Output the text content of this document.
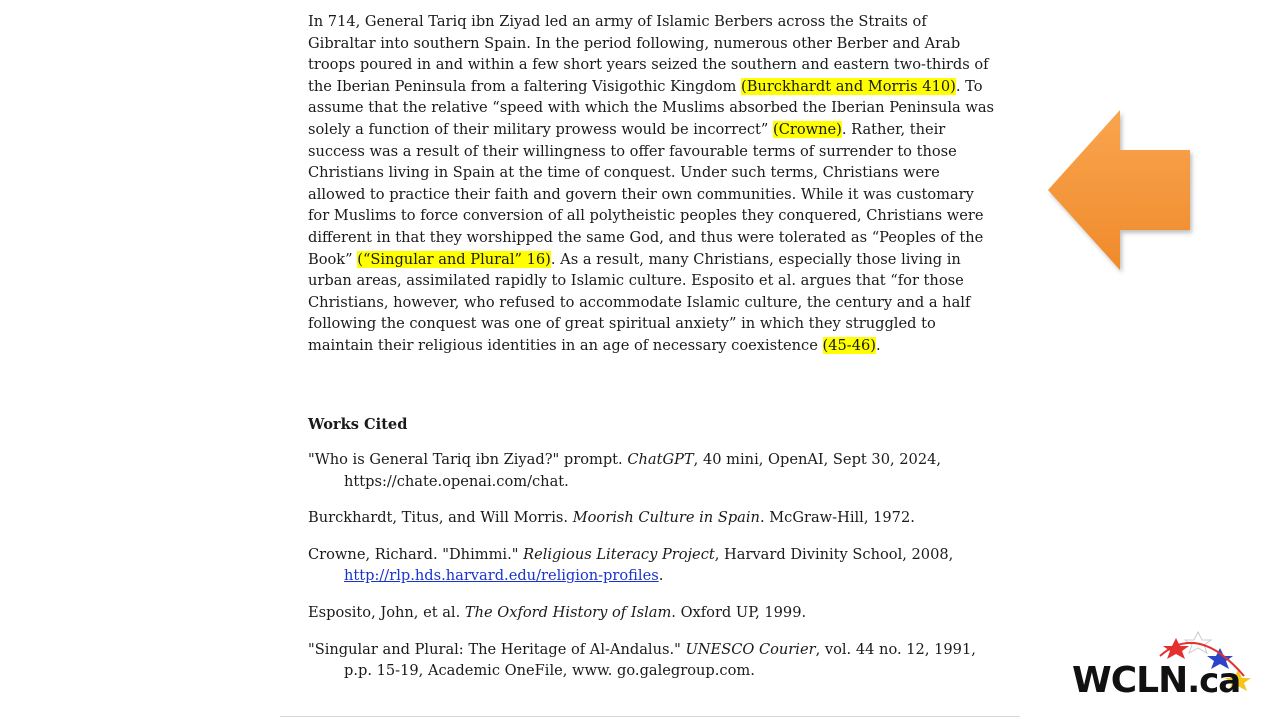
In 714, General Tariq ibn Ziyad led an army of Islamic Berbers across the Straits of Gibraltar into southern Spain. In the period following, numerous other Berber and Arab troops poured in and within a few short years seized the southern and eastern two-thirds of the Iberian Peninsula from a faltering Visigothic Kingdom (Burckhardt and Morris 410). To assume that the relative “speed with which the Muslims absorbed the Iberian Peninsula was solely a function of their military prowess would be incorrect” (Crowne). Rather, their success was a result of their willingness to offer favourable terms of surrender to those Christians living in Spain at the time of conquest. Under such terms, Christians were allowed to practice their faith and govern their own communities. While it was customary for Muslims to force conversion of all polytheistic peoples they conquered, Christians were different in that they worshipped the same God, and thus were tolerated as “Peoples of the Book” (“Singular and Plural” 16). As a result, many Christians, especially those living in urban areas, assimilated rapidly to Islamic culture. Esposito et al. argues that “for those Christians, however, who refused to accommodate Islamic culture, the century and a half following the conquest was one of great spiritual anxiety” in which they struggled to maintain their religious identities in an age of necessary coexistence (45-46).

Works Cited

"Who is General Tariq ibn Ziyad?" prompt. ChatGPT, 40 mini, OpenAI, Sept 30, 2024, https://chate.openai.com/chat.

Burckhardt, Titus, and Will Morris. Moorish Culture in Spain. McGraw-Hill, 1972.

Crowne, Richard. "Dhimmi." Religious Literacy Project, Harvard Divinity School, 2008, http://rlp.hds.harvard.edu/religion-profiles.

Esposito, John, et al. The Oxford History of Islam. Oxford UP, 1999.

"Singular and Plural: The Heritage of Al-Andalus." UNESCO Courier, vol. 44 no. 12, 1991, p.p. 15-19, Academic OneFile, www. go.galegroup.com.	WCLN.ca
